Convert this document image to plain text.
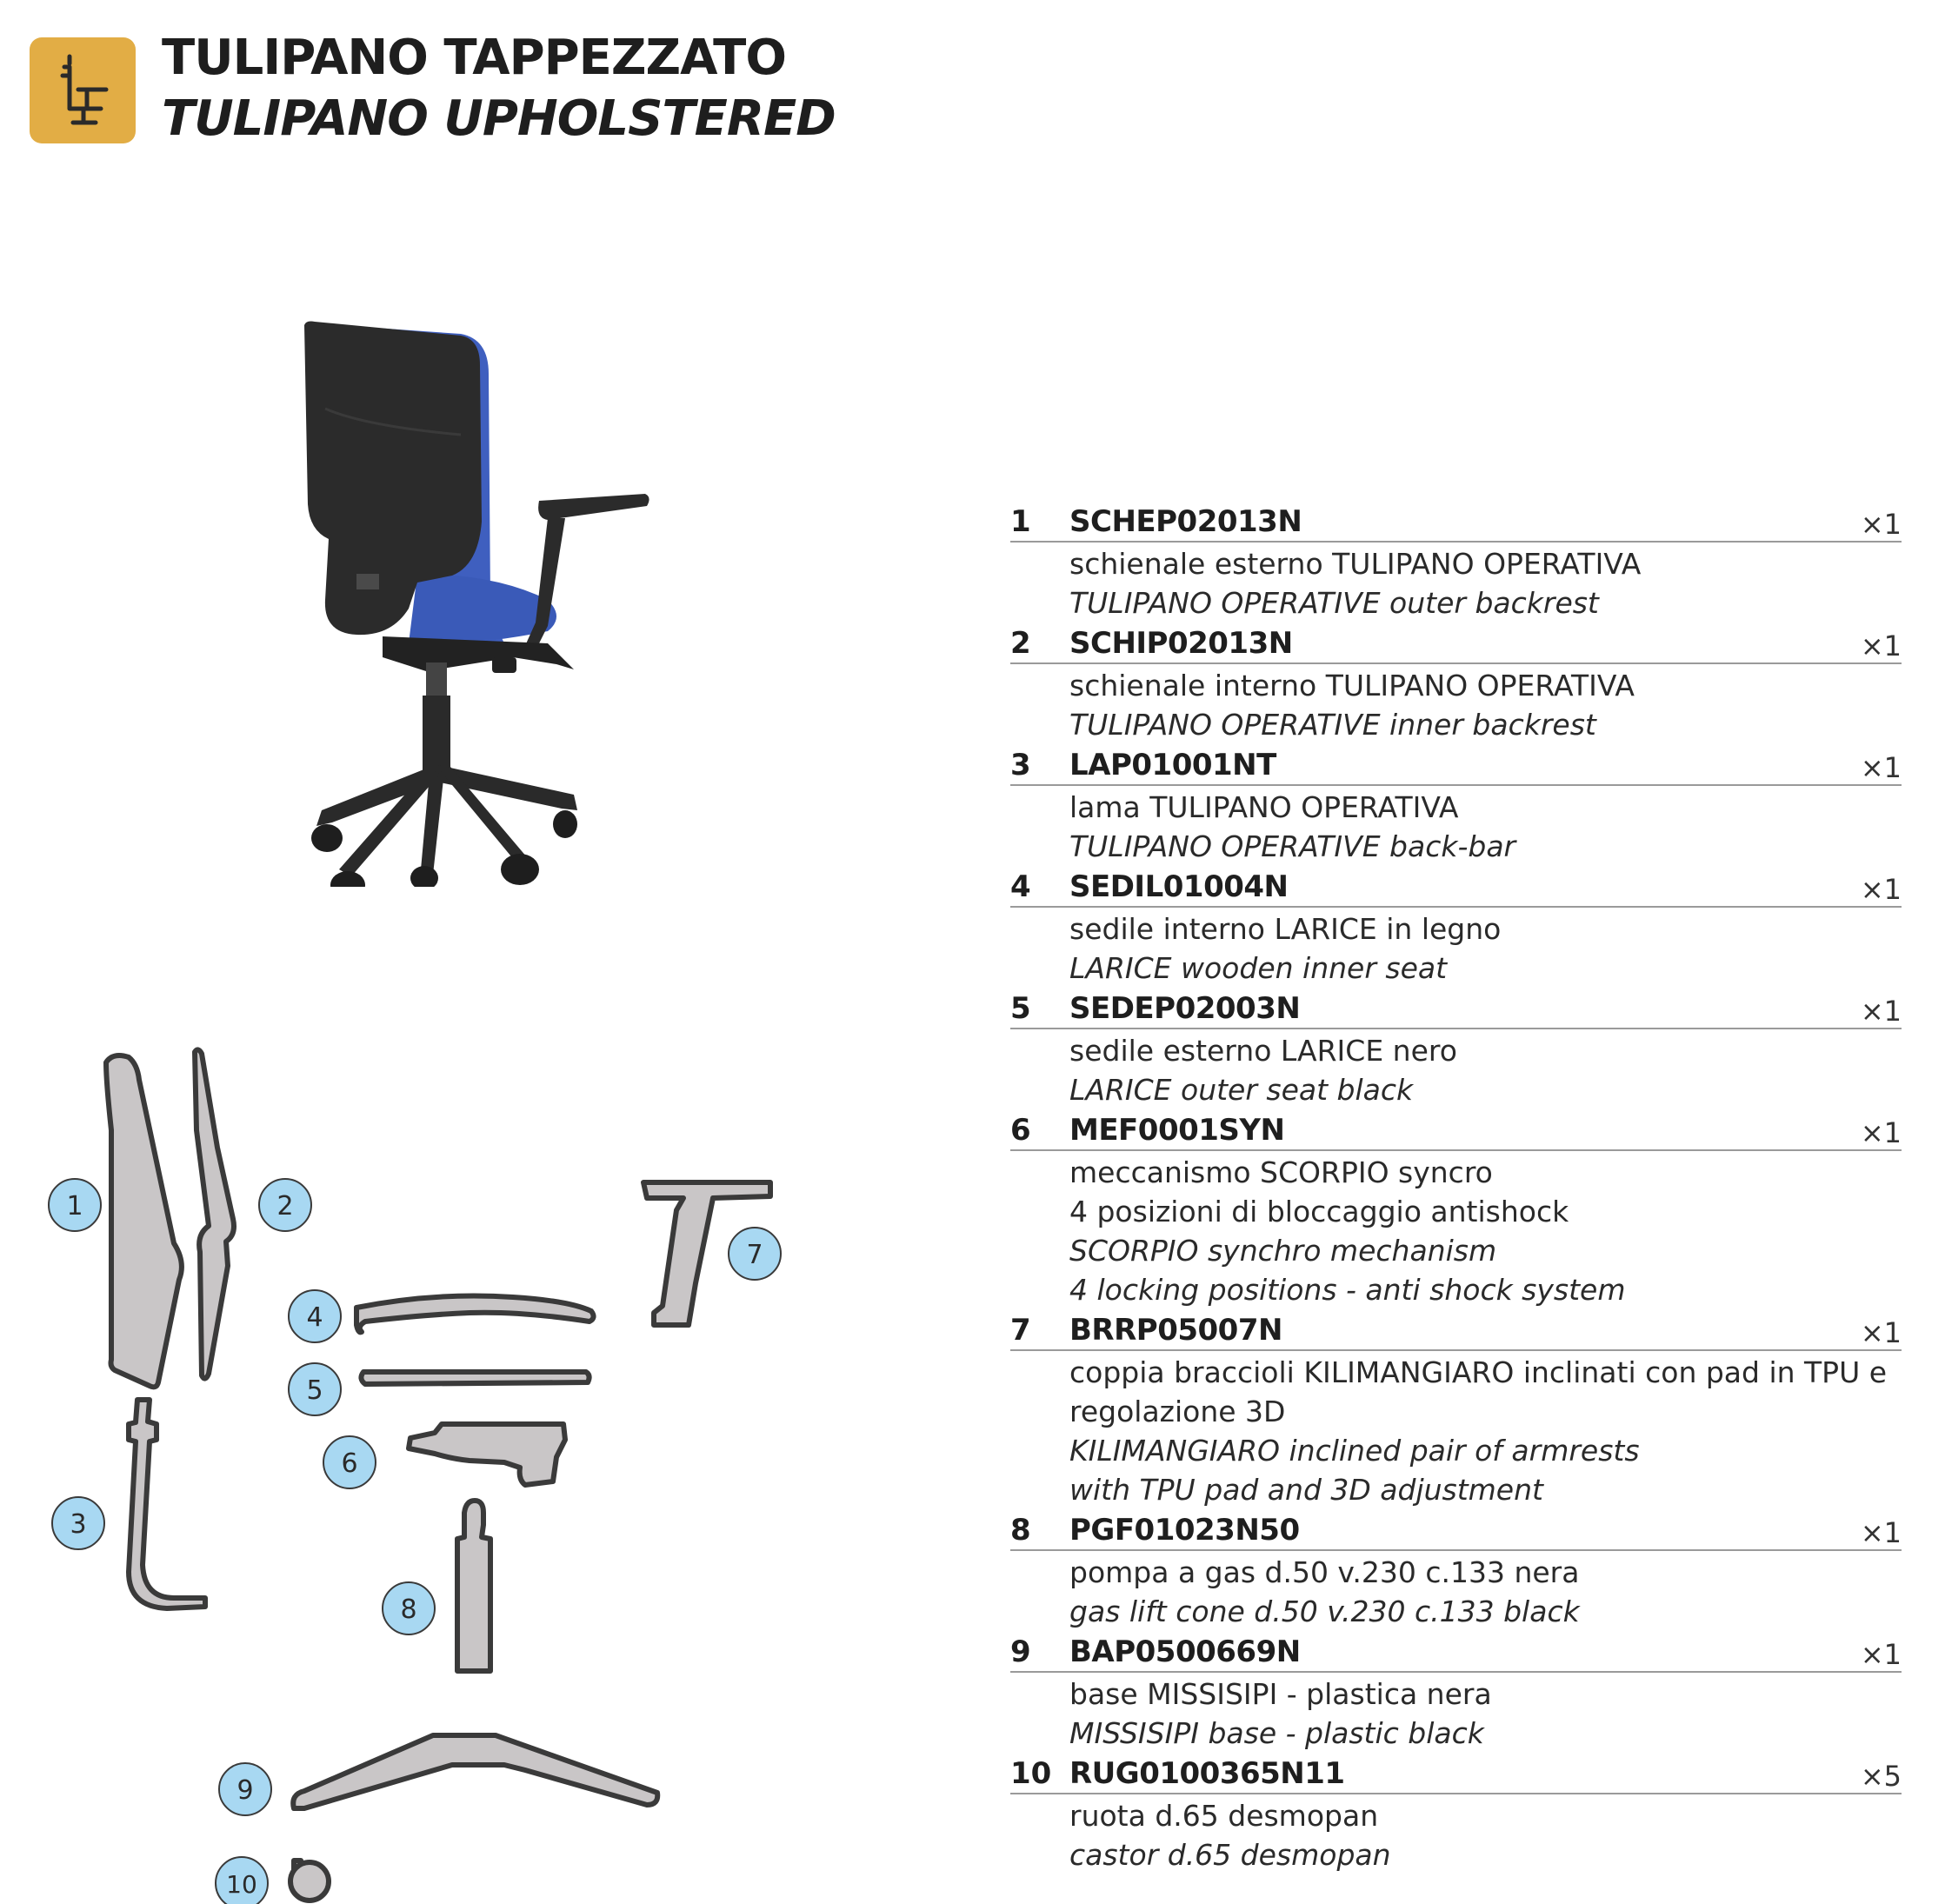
TULIPANO TAPPEZZATO
TULIPANO UPHOLSTERED
1	2
3
4
5
6
7
8
9
10
1 SCHEP02013N	×1
schienale esterno TULIPANO OPERATIVA
TULIPANO OPERATIVE outer backrest
2 SCHIP02013N	×1
schienale interno TULIPANO OPERATIVA
TULIPANO OPERATIVE inner backrest
3 LAP01001NT	×1
lama TULIPANO OPERATIVA
TULIPANO OPERATIVE back-bar
4 SEDIL01004N	×1
sedile interno LARICE in legno
LARICE wooden inner seat
5 SEDEP02003N	×1
sedile esterno LARICE nero
LARICE outer seat black
6 MEF0001SYN	×1
meccanismo SCORPIO syncro
4 posizioni di bloccaggio antishock
SCORPIO synchro mechanism
4 locking positions - anti shock system
7 BRRP05007N	×1
coppia braccioli KILIMANGIARO inclinati con pad in TPU e regolazione 3D
KILIMANGIARO inclined pair of armrests
with TPU pad and 3D adjustment
8 PGF01023N50	×1
pompa a gas d.50 v.230 c.133 nera
gas lift cone d.50 v.230 c.133 black
9 BAP0500669N	×1
base MISSISIPI - plastica nera
MISSISIPI base - plastic black
10 RUG0100365N11	×5
ruota d.65 desmopan
castor d.65 desmopan
